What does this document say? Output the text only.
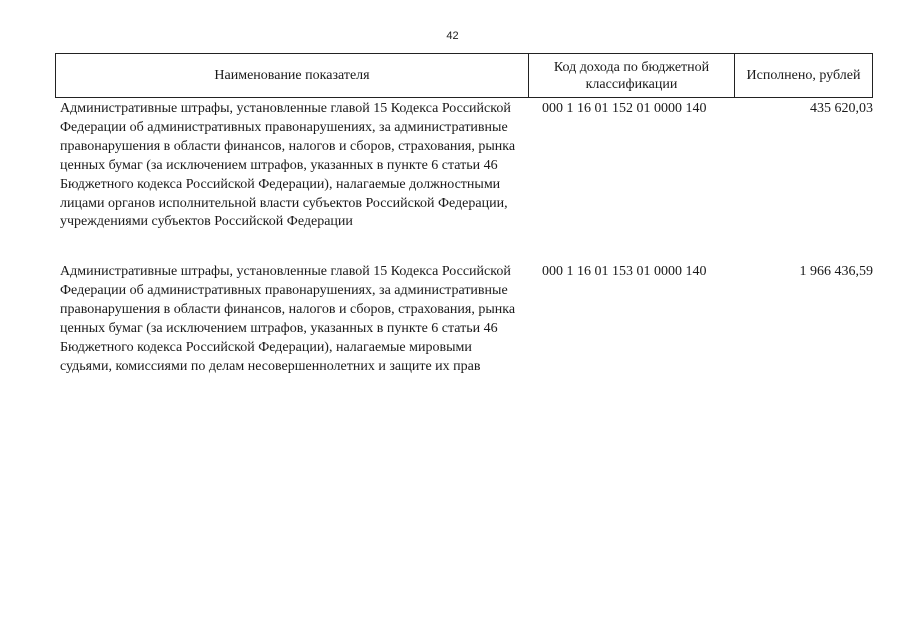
42
Наименование показателя
Код дохода по бюджетной классификации
Исполнено, рублей
Административные штрафы, установленные главой 15 Кодекса Российской Федерации об административных правонарушениях, за административные правонарушения в области финансов, налогов и сборов, страхования, рынка ценных бумаг (за исключением штрафов, указанных в пункте 6 статьи 46 Бюджетного кодекса Российской Федерации), налагаемые должностными лицами органов исполнительной власти субъектов Российской Федерации, учреждениями субъектов Российской Федерации
000 1 16 01 152 01 0000 140	435 620,03
Административные штрафы, установленные главой 15 Кодекса Российской Федерации об административных правонарушениях, за административные правонарушения в области финансов, налогов и сборов, страхования, рынка ценных бумаг (за исключением штрафов, указанных в пункте 6 статьи 46 Бюджетного кодекса Российской Федерации), налагаемые мировыми судьями, комиссиями по делам несовершеннолетних и защите их прав
000 1 16 01 153 01 0000 140	1 966 436,59
